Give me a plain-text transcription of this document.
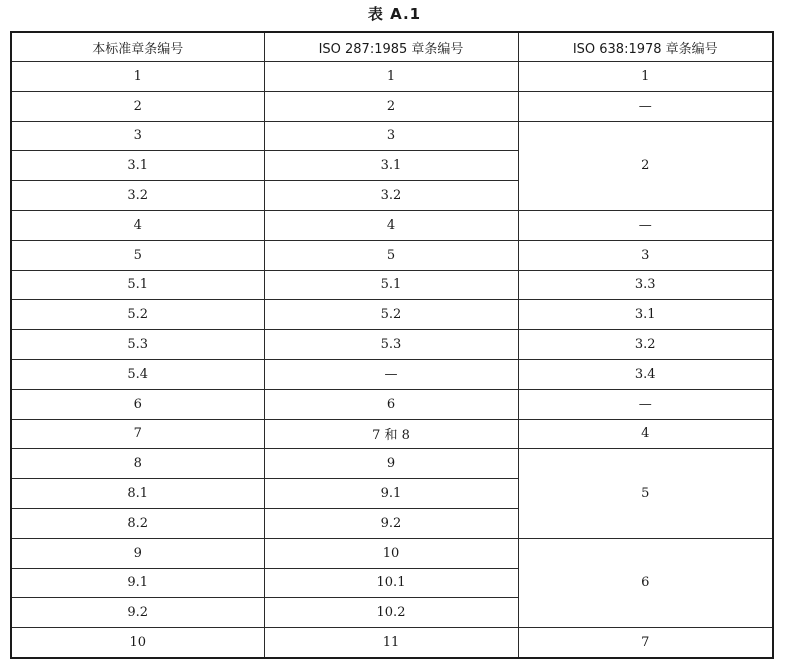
表 A.1
本标准章条编号	ISO 287:1985 章条编号	ISO 638:1978 章条编号
1	1	1
2	2	—
3	3	2
3.1	3.1	
3.2	3.2	
4	4	—
5	5	3
5.1	5.1	3.3
5.2	5.2	3.1
5.3	5.3	3.2
5.4	—	3.4
6	6	—
7	7 和 8	4
8	9	5
8.1	9.1	
8.2	9.2	
9	10	6
9.1	10.1	
9.2	10.2	
10	11	7
